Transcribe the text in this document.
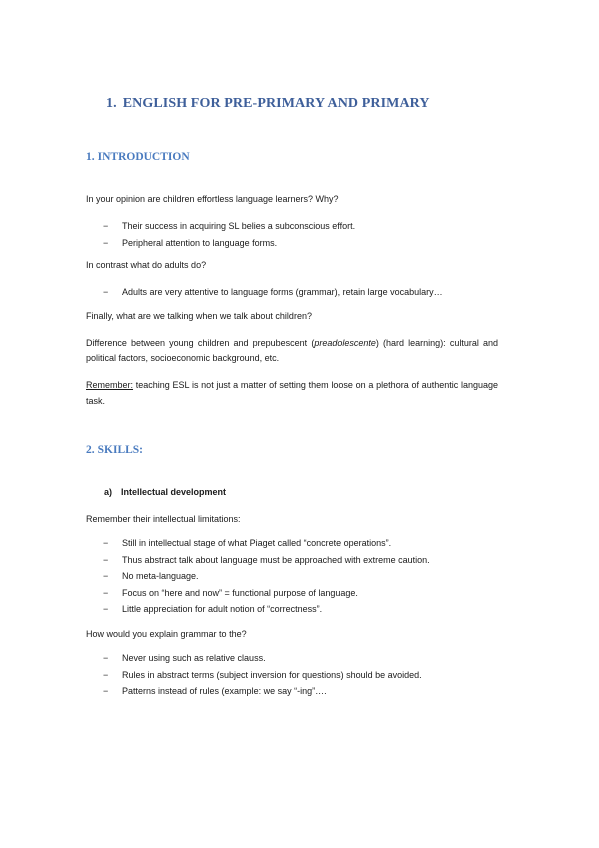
1. ENGLISH FOR PRE-PRIMARY AND PRIMARY
1. INTRODUCTION

In your opinion are children effortless language learners? Why?

− Their success in acquiring SL belies a subconscious effort.
− Peripheral attention to language forms.

In contrast what do adults do?

− Adults are very attentive to language forms (grammar), retain large vocabulary…

Finally, what are we talking when we talk about children?

Difference between young children and prepubescent (preadolescente) (hard learning): cultural and political factors, socioeconomic background, etc.

Remember: teaching ESL is not just a matter of setting them loose on a plethora of authentic language task.

2. SKILLS:

a) Intellectual development

Remember their intellectual limitations:

− Still in intellectual stage of what Piaget called “concrete operations”.
− Thus abstract talk about language must be approached with extreme caution.
− No meta-language.
− Focus on “here and now” = functional purpose of language.
− Little appreciation for adult notion of “correctness”.

How would you explain grammar to the?

− Never using such as relative clauss.
− Rules in abstract terms (subject inversion for questions) should be avoided.
− Patterns instead of rules (example: we say “-ing”….
